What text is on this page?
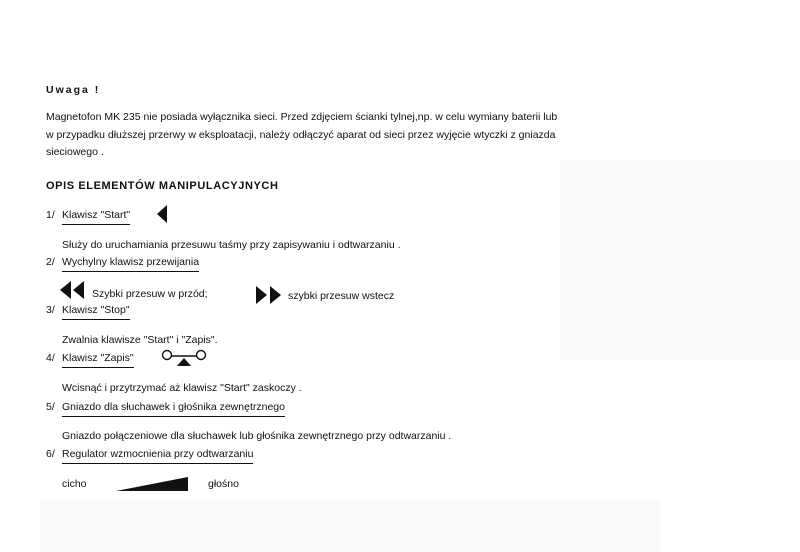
Uwaga !
Magnetofon MK 235 nie posiada wyłącznika sieci. Przed zdjęciem ścianki tylnej,np. w celu wymiany baterii lub
w przypadku dłuższej przerwy w eksploatacji, należy odłączyć aparat od sieci przez wyjęcie wtyczki z gniazda
sieciowego .
OPIS ELEMENTÓW MANIPULACYJNYCH
1/ Klawisz "Start"
Służy do uruchamiania przesuwu taśmy przy zapisywaniu i odtwarzaniu .
2/ Wychylny klawisz przewijania
Szybki przesuw w przód;	szybki przesuw wstecz
3/ Klawisz "Stop"
Zwalnia klawisze "Start" i "Zapis".
4/ Klawisz "Zapis"
Wcisnąć i przytrzymać aż klawisz "Start" zaskoczy .
5/ Gniazdo dla słuchawek i głośnika zewnętrznego
Gniazdo połączeniowe dla słuchawek lub głośnika zewnętrznego przy odtwarzaniu .
6/ Regulator wzmocnienia przy odtwarzaniu
cicho	głośno
